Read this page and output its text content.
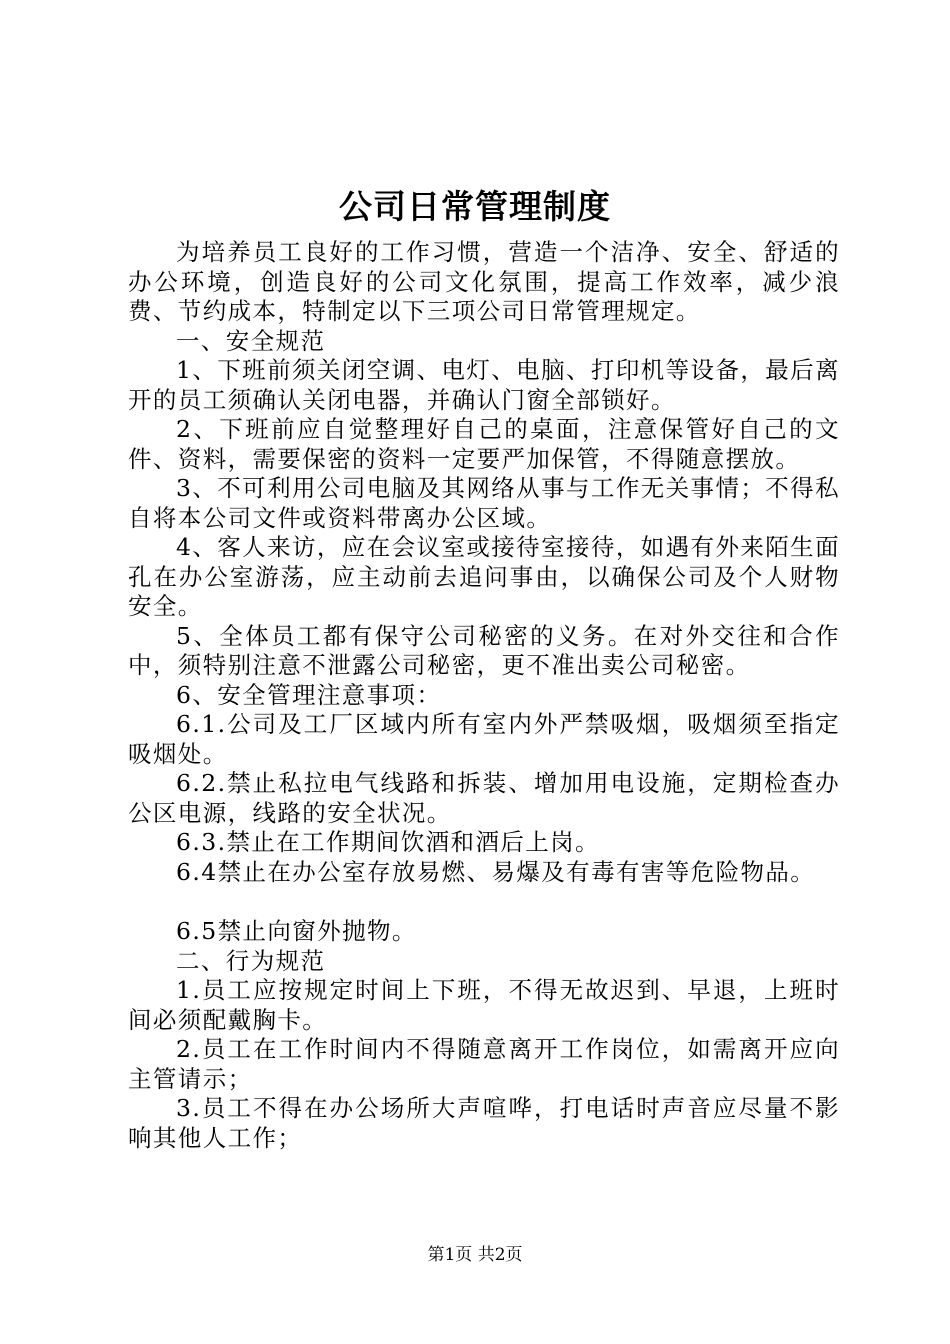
公司日常管理制度

为培养员工良好的工作习惯，营造一个洁净、安全、舒适的办公环境，创造良好的公司文化氛围，提高工作效率，减少浪费、节约成本，特制定以下三项公司日常管理规定。

一、安全规范

1、下班前须关闭空调、电灯、电脑、打印机等设备，最后离开的员工须确认关闭电器，并确认门窗全部锁好。

2、下班前应自觉整理好自己的桌面，注意保管好自己的文件、资料，需要保密的资料一定要严加保管，不得随意摆放。

3、不可利用公司电脑及其网络从事与工作无关事情；不得私自将本公司文件或资料带离办公区域。

4、客人来访，应在会议室或接待室接待，如遇有外来陌生面孔在办公室游荡，应主动前去追问事由，以确保公司及个人财物安全。

5、全体员工都有保守公司秘密的义务。在对外交往和合作中，须特别注意不泄露公司秘密，更不准出卖公司秘密。

6、安全管理注意事项：

6.1.公司及工厂区域内所有室内外严禁吸烟，吸烟须至指定吸烟处。

6.2.禁止私拉电气线路和拆装、增加用电设施，定期检查办公区电源，线路的安全状况。

6.3.禁止在工作期间饮酒和酒后上岗。

6.4禁止在办公室存放易燃、易爆及有毒有害等危险物品。

6.5禁止向窗外抛物。

二、行为规范

1.员工应按规定时间上下班，不得无故迟到、早退，上班时间必须配戴胸卡。

2.员工在工作时间内不得随意离开工作岗位，如需离开应向主管请示；

3.员工不得在办公场所大声喧哗，打电话时声音应尽量不影响其他人工作；

第1页 共2页
